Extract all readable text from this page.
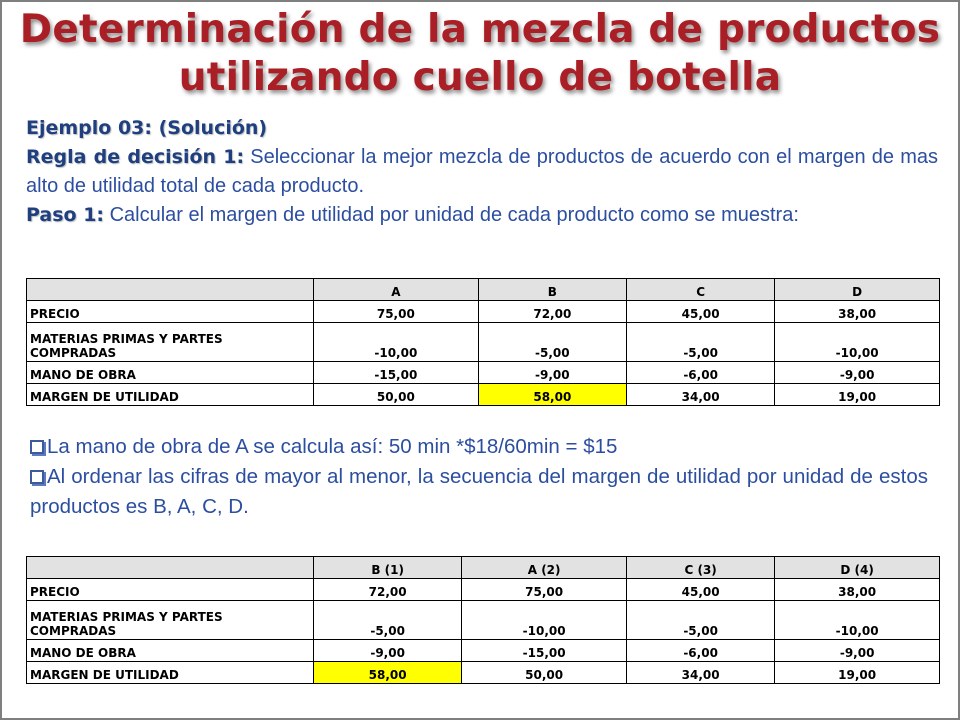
Determinación de la mezcla de productos
utilizando cuello de botella

Ejemplo 03: (Solución)

Regla de decisión 1: Seleccionar la mejor mezcla de productos de acuerdo con el margen de mas alto de utilidad total de cada producto.

Paso 1: Calcular el margen de utilidad por unidad de cada producto como se muestra:

	A	B	C	D
PRECIO	75,00	72,00	45,00	38,00
MATERIAS PRIMAS Y PARTES
COMPRADAS	-10,00	-5,00	-5,00	-10,00
MANO DE OBRA	-15,00	-9,00	-6,00	-9,00
MARGEN DE UTILIDAD	50,00	58,00	34,00	19,00

La mano de obra de A se calcula así: 50 min *$18/60min = $15

Al ordenar las cifras de mayor al menor, la secuencia del margen de utilidad por unidad de estos productos es B, A, C, D.

	B (1)	A (2)	C (3)	D (4)
PRECIO	72,00	75,00	45,00	38,00
MATERIAS PRIMAS Y PARTES
COMPRADAS	-5,00	-10,00	-5,00	-10,00
MANO DE OBRA	-9,00	-15,00	-6,00	-9,00
MARGEN DE UTILIDAD	58,00	50,00	34,00	19,00
